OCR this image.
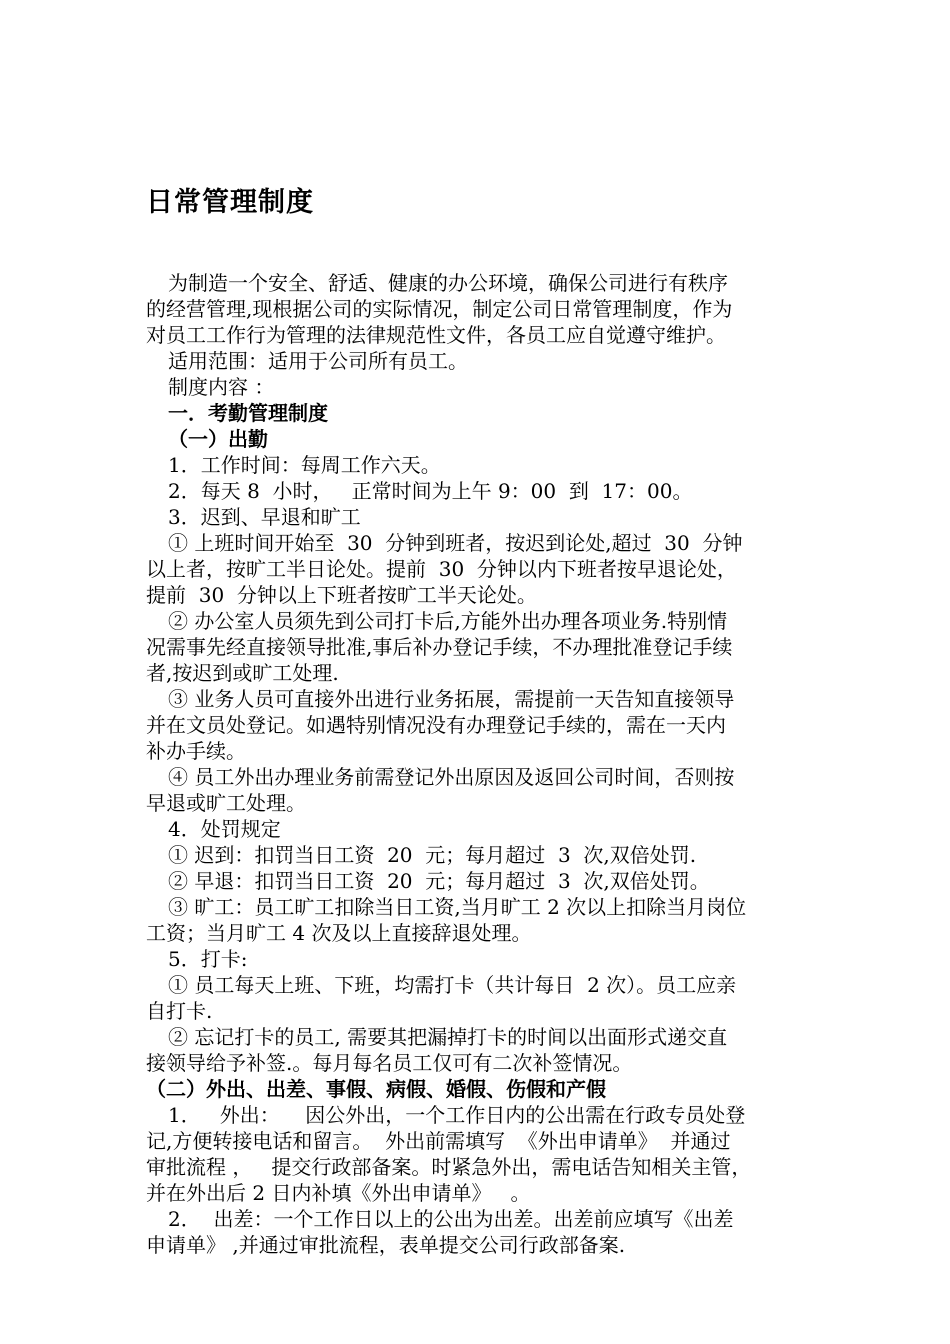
日常管理制度
为制造一个安全、舒适、健康的办公环境，确保公司进行有秩序
的经营管理,现根据公司的实际情况，制定公司日常管理制度，作为
对员工工作行为管理的法律规范性文件，各员工应自觉遵守维护。
适用范围：适用于公司所有员工。
制度内容 ：
一．考勤管理制度
（一）出勤
1．工作时间：每周工作六天。
2．每天 8  小时，   正常时间为上午 9：00  到  17：00。
3．迟到、早退和旷工
① 上班时间开始至  30  分钟到班者，按迟到论处,超过  30  分钟
以上者，按旷工半日论处。提前  30  分钟以内下班者按早退论处，
提前  30  分钟以上下班者按旷工半天论处。
② 办公室人员须先到公司打卡后,方能外出办理各项业务.特别情
况需事先经直接领导批准,事后补办登记手续，不办理批准登记手续
者,按迟到或旷工处理.
③ 业务人员可直接外出进行业务拓展，需提前一天告知直接领导
并在文员处登记。如遇特别情况没有办理登记手续的，需在一天内
补办手续。
④ 员工外出办理业务前需登记外出原因及返回公司时间，否则按
早退或旷工处理。
4．处罚规定
① 迟到：扣罚当日工资  20  元；每月超过  3  次,双倍处罚.
② 早退：扣罚当日工资  20  元；每月超过  3  次,双倍处罚。
③ 旷工：员工旷工扣除当日工资,当月旷工 2 次以上扣除当月岗位
工资；当月旷工 4 次及以上直接辞退处理。
5．打卡:
① 员工每天上班、下班，均需打卡（共计每日  2 次）。员工应亲
自打卡.
② 忘记打卡的员工, 需要其把漏掉打卡的时间以出面形式递交直
接领导给予补签.。每月每名员工仅可有二次补签情况。
（二）外出、出差、事假、病假、婚假、伤假和产假
1．   外出：    因公外出，一个工作日内的公出需在行政专员处登
记,方便转接电话和留言。  外出前需填写  《外出申请单》  并通过
审批流程 ，   提交行政部备案。时紧急外出，需电话告知相关主管，
并在外出后 2 日内补填《外出申请单》   。
2．  出差：一个工作日以上的公出为出差。出差前应填写《出差
申请单》 ,并通过审批流程，表单提交公司行政部备案.
